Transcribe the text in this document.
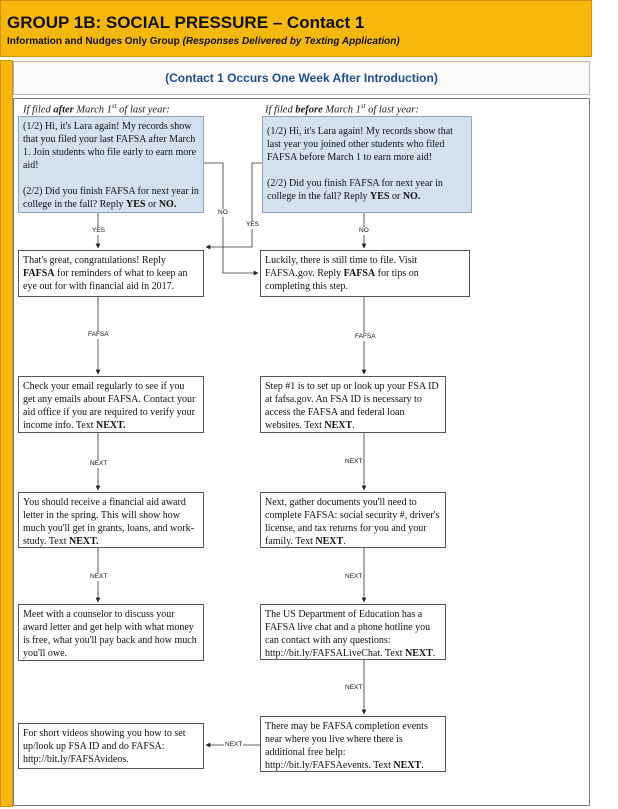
GROUP 1B: SOCIAL PRESSURE – Contact 1
Information and Nudges Only Group (Responses Delivered by Texting Application)
(Contact 1 Occurs One Week After Introduction)
If filed after March 1st of last year:	If filed before March 1st of last year:

(1/2) Hi, it's Lara again! My records show that you filed your last FAFSA after March 1. Join students who file early to earn more aid!

(2/2) Did you finish FAFSA for next year in college in the fall? Reply YES or NO.

(1/2) Hi, it's Lara again! My records show that last year you joined other students who filed FAFSA before March 1 to earn more aid!

(2/2) Did you finish FAFSA for next year in college in the fall? Reply YES or NO.

That's great, congratulations! Reply FAFSA for reminders of what to keep an eye out for with financial aid in 2017.
Check your email regularly to see if you get any emails about FAFSA. Contact your aid office if you are required to verify your income info. Text NEXT.
You should receive a financial aid award letter in the spring. This will show how much you'll get in grants, loans, and work-study. Text NEXT.
Meet with a counselor to discuss your award letter and get help with what money is free, what you'll pay back and how much you'll owe.
For short videos showing you how to set up/look up FSA ID and do FAFSA: http://bit.ly/FAFSAvideos.
Luckily, there is still time to file. Visit FAFSA.gov. Reply FAFSA for tips on completing this step.
Step #1 is to set up or look up your FSA ID at fafsa.gov. An FSA ID is necessary to access the FAFSA and federal loan websites. Text NEXT.
Next, gather documents you'll need to complete FAFSA: social security #, driver's license, and tax returns for you and your family. Text NEXT.
The US Department of Education has a FAFSA live chat and a phone hotline you can contact with any questions: http://bit.ly/FAFSALiveChat. Text NEXT.
There may be FAFSA completion events near where you live where there is additional free help: http://bit.ly/FAFSAevents. Text NEXT.
YES
NO
YES
NO
FAFSA	FAFSA
NEXT
NEXT
NEXT
NEXT
NEXT
NEXT
